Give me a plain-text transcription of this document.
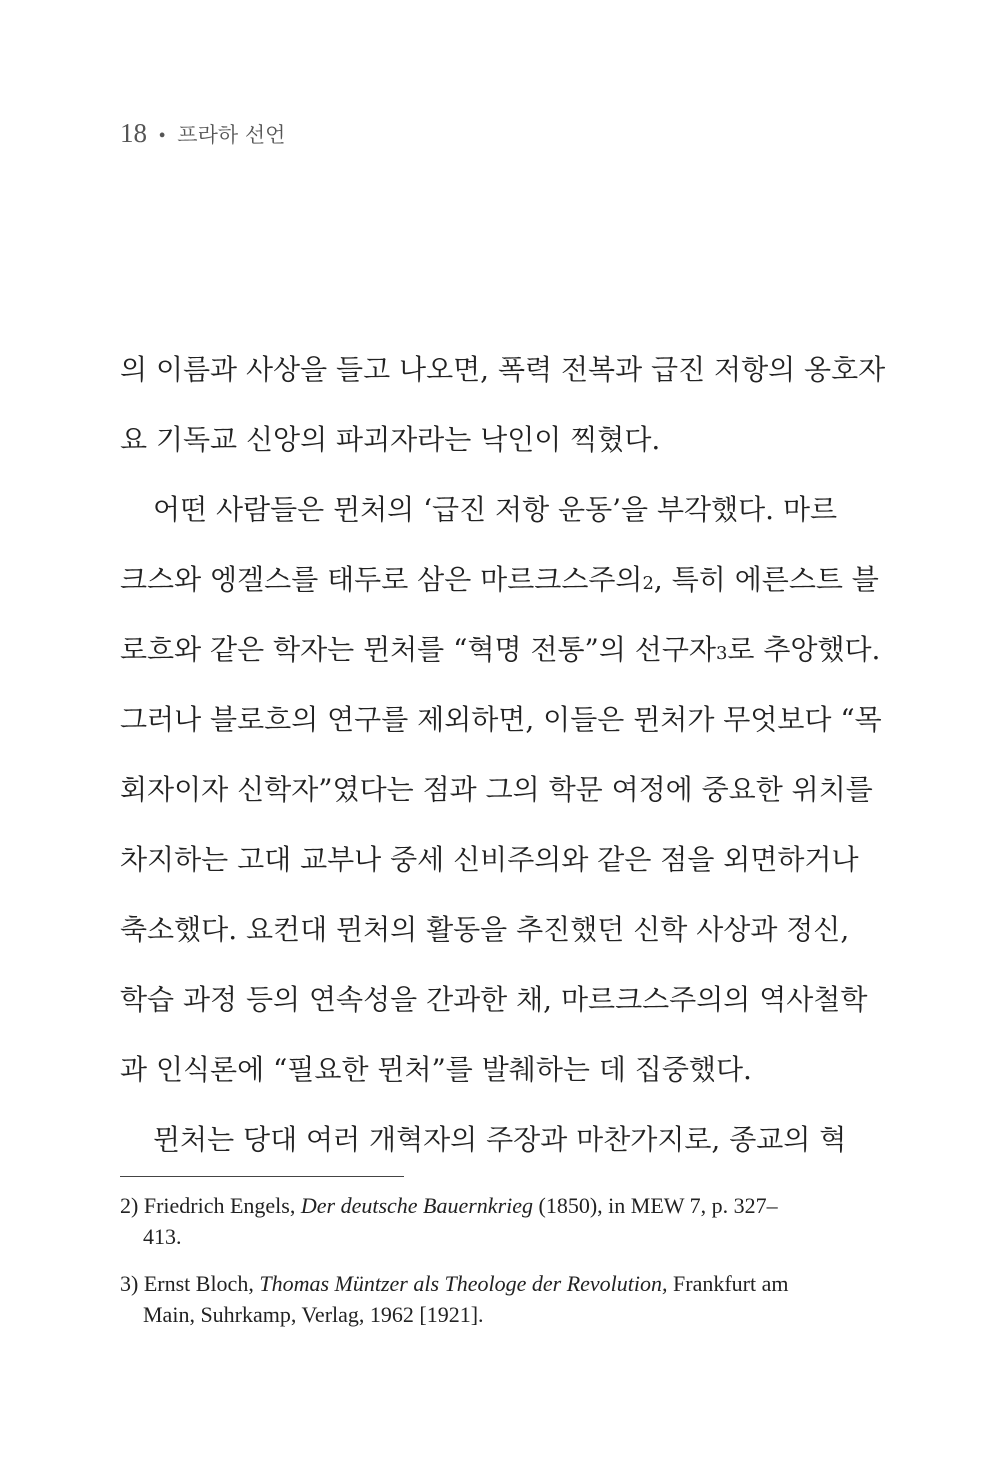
18 • 프라하 선언
의 이름과 사상을 들고 나오면, 폭력 전복과 급진 저항의 옹호자
요 기독교 신앙의 파괴자라는 낙인이 찍혔다.
어떤 사람들은 뮌처의 ‘급진 저항 운동’을 부각했다. 마르
크스와 엥겔스를 태두로 삼은 마르크스주의2, 특히 에른스트 블
로흐와 같은 학자는 뮌처를 “혁명 전통”의 선구자3로 추앙했다.
그러나 블로흐의 연구를 제외하면, 이들은 뮌처가 무엇보다 “목
회자이자 신학자”였다는 점과 그의 학문 여정에 중요한 위치를
차지하는 고대 교부나 중세 신비주의와 같은 점을 외면하거나
축소했다. 요컨대 뮌처의 활동을 추진했던 신학 사상과 정신,
학습 과정 등의 연속성을 간과한 채, 마르크스주의의 역사철학
과 인식론에 “필요한 뮌처”를 발췌하는 데 집중했다.
뮌처는 당대 여러 개혁자의 주장과 마찬가지로, 종교의 혁
2) Friedrich Engels, Der deutsche Bauernkrieg (1850), in MEW 7, p. 327–
413.
3) Ernst Bloch, Thomas Müntzer als Theologe der Revolution, Frankfurt am
Main, Suhrkamp, Verlag, 1962 [1921].
